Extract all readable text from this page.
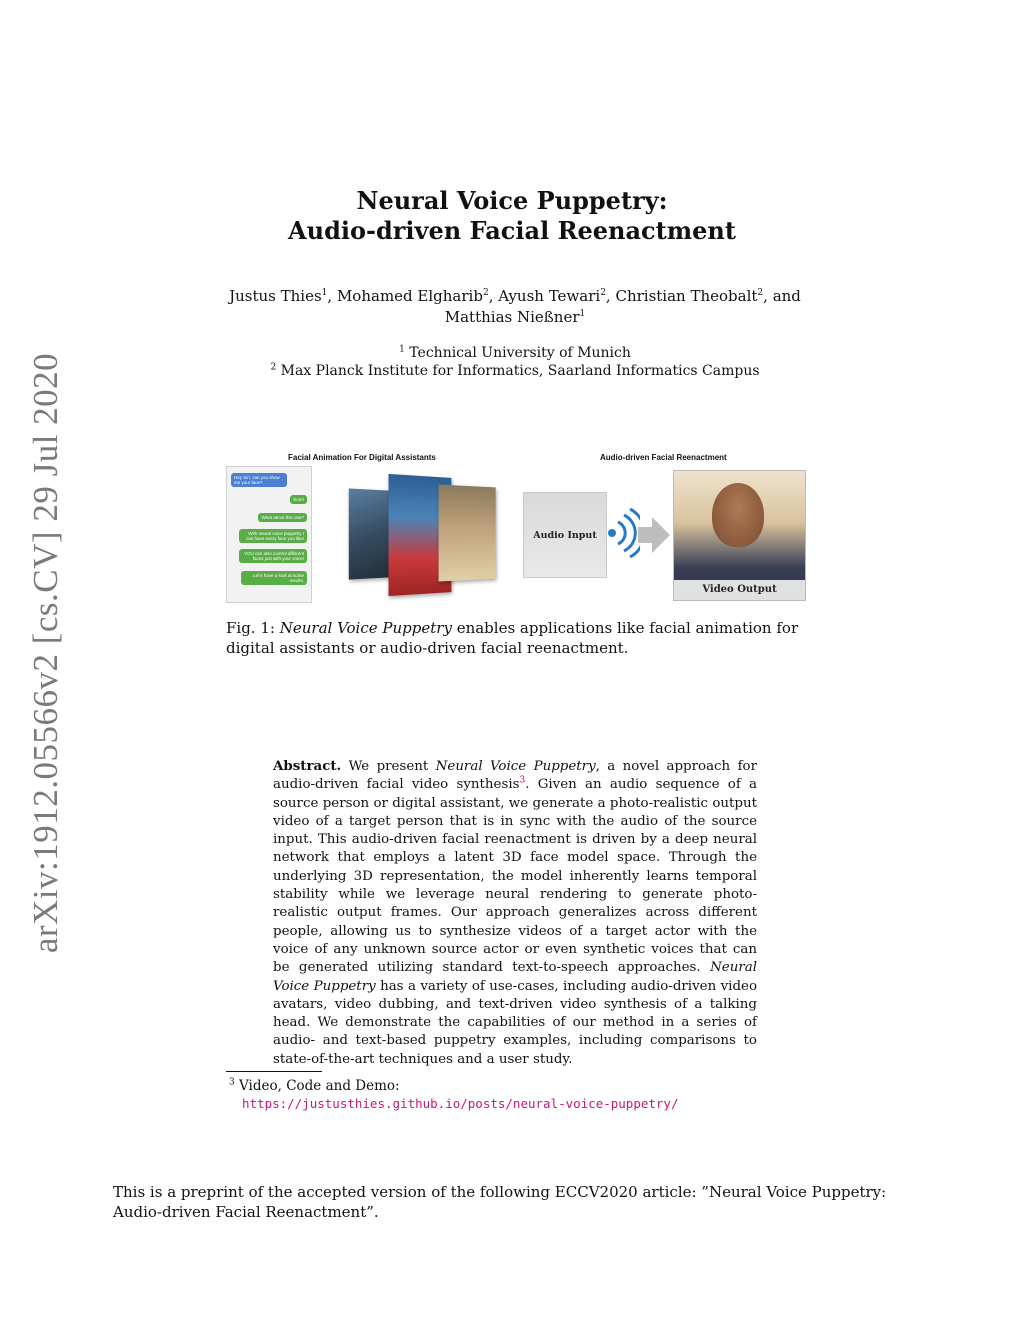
arXiv:1912.05566v2 [cs.CV] 29 Jul 2020
Neural Voice Puppetry:
Audio-driven Facial Reenactment
Justus Thies$^1$, Mohamed Elgharib$^2$, Ayush Tewari$^2$, Christian Theobalt$^2$, and Matthias Nießner$^1$
$^1$ Technical University of Munich
$^2$ Max Planck Institute for Informatics, Saarland Informatics Campus
Facial Animation For Digital Assistants	Audio-driven Facial Reenactment
Hey Siri, can you show me your face?
Sure!
What about this one?
With neural voice puppetry I can have every face you like!
YOU can also control different faces just with your voice!
Let's have a look at some results.
Audio Input
Video Output
Fig. 1: Neural Voice Puppetry enables applications like facial animation for digital assistants or audio-driven facial reenactment.
Abstract. We present Neural Voice Puppetry, a novel approach for audio-driven facial video synthesis$^3$. Given an audio sequence of a source person or digital assistant, we generate a photo-realistic output video of a target person that is in sync with the audio of the source input. This audio-driven facial reenactment is driven by a deep neural network that employs a latent 3D face model space. Through the underlying 3D representation, the model inherently learns temporal stability while we leverage neural rendering to generate photo-realistic output frames. Our approach generalizes across different people, allowing us to synthesize videos of a target actor with the voice of any unknown source actor or even synthetic voices that can be generated utilizing standard text-to-speech approaches. Neural Voice Puppetry has a variety of use-cases, including audio-driven video avatars, video dubbing, and text-driven video synthesis of a talking head. We demonstrate the capabilities of our method in a series of audio- and text-based puppetry examples, including comparisons to state-of-the-art techniques and a user study.
$^3$ Video, Code and Demo:
https://justusthies.github.io/posts/neural-voice-puppetry/
This is a preprint of the accepted version of the following ECCV2020 article: ”Neural Voice Puppetry: Audio-driven Facial Reenactment”.
